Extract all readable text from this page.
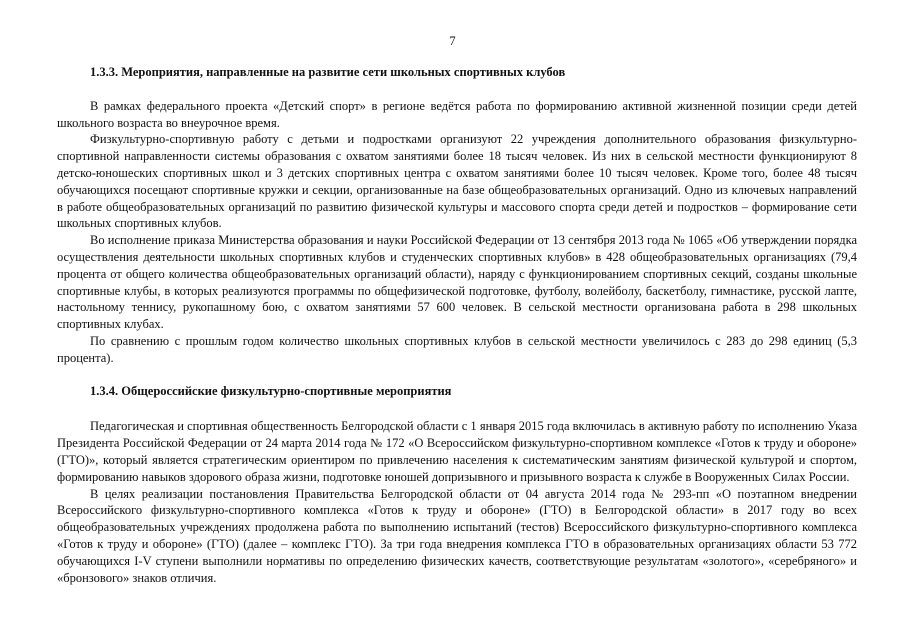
7
1.3.3. Мероприятия, направленные на развитие сети школьных спортивных клубов

В рамках федерального проекта «Детский спорт» в регионе ведётся работа по формированию активной жизненной позиции среди детей школьного возраста во внеурочное время.

Физкультурно-спортивную работу с детьми и подростками организуют 22 учреждения дополнительного образования физкультурно-спортивной направленности системы образования с охватом занятиями более 18 тысяч человек. Из них в сельской местности функционируют 8 детско-юношеских спортивных школ и 3 детских спортивных центра с охватом занятиями более 10 тысяч человек. Кроме того, более 48 тысяч обучающихся посещают спортивные кружки и секции, организованные на базе общеобразовательных организаций. Одно из ключевых направлений в работе общеобразовательных организаций по развитию физической культуры и массового спорта среди детей и подростков – формирование сети школьных спортивных клубов.

Во исполнение приказа Министерства образования и науки Российской Федерации от 13 сентября 2013 года № 1065 «Об утверждении порядка осуществления деятельности школьных спортивных клубов и студенческих спортивных клубов» в 428 общеобразовательных организациях (79,4 процента от общего количества общеобразовательных организаций области), наряду с функционированием спортивных секций, созданы школьные спортивные клубы, в которых реализуются программы по общефизической подготовке, футболу, волейболу, баскетболу, гимнастике, русской лапте, настольному теннису, рукопашному бою, с охватом занятиями 57 600 человек. В сельской местности организована работа в 298 школьных спортивных клубах.

По сравнению с прошлым годом количество школьных спортивных клубов в сельской местности увеличилось с 283 до 298 единиц (5,3 процента).

1.3.4. Общероссийские физкультурно-спортивные мероприятия

Педагогическая и спортивная общественность Белгородской области с 1 января 2015 года включилась в активную работу по исполнению Указа Президента Российской Федерации от 24 марта 2014 года № 172 «О Всероссийском физкультурно-спортивном комплексе «Готов к труду и обороне» (ГТО)», который является стратегическим ориентиром по привлечению населения к систематическим занятиям физической культурой и спортом, формированию навыков здорового образа жизни, подготовке юношей допризывного и призывного возраста к службе в Вооруженных Силах России.

В целях реализации постановления Правительства Белгородской области от 04 августа 2014 года № 293-пп «О поэтапном внедрении Всероссийского физкультурно-спортивного комплекса «Готов к труду и обороне» (ГТО) в Белгородской области» в 2017 году во всех общеобразовательных учреждениях продолжена работа по выполнению испытаний (тестов) Всероссийского физкультурно-спортивного комплекса «Готов к труду и обороне» (ГТО) (далее – комплекс ГТО). За три года внедрения комплекса ГТО в образовательных организациях области 53 772 обучающихся I-V ступени выполнили нормативы по определению физических качеств, соответствующие результатам «золотого», «серебряного» и «бронзового» знаков отличия.
